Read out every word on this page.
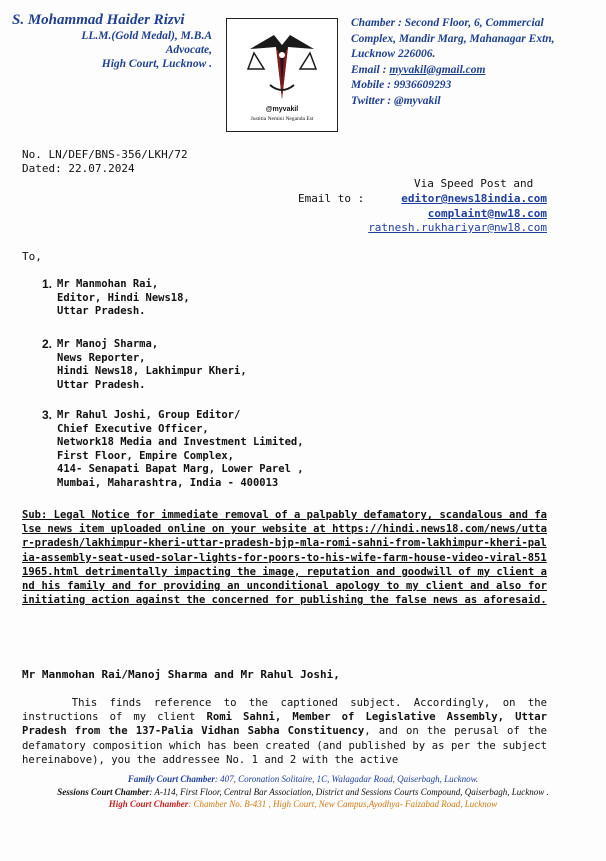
S. Mohammad Haider Rizvi
LL.M.(Gold Medal), M.B.A
Advocate,
High Court, Lucknow .
@myvakil
Justitia Nemini Neganda Est
Chamber : Second Floor, 6, Commercial
Complex, Mandir Marg, Mahanagar Extn,
Lucknow 226006.
Email : myvakil@gmail.com
Mobile : 9936609293
Twitter : @myvakil
No. LN/DEF/BNS-356/LKH/72
Dated: 22.07.2024
Via Speed Post and
Email to :	editor@news18india.com
complaint@nw18.com
ratnesh.rukhariyar@nw18.com
To,
1. Mr Manmohan Rai,
Editor, Hindi News18,
Uttar Pradesh.
2. Mr Manoj Sharma,
News Reporter,
Hindi News18, Lakhimpur Kheri,
Uttar Pradesh.
3. Mr Rahul Joshi, Group Editor/
Chief Executive Officer,
Network18 Media and Investment Limited,
First Floor, Empire Complex,
414- Senapati Bapat Marg, Lower Parel ,
Mumbai, Maharashtra, India - 400013
Sub: Legal Notice for immediate removal of a palpably defamatory, scandalous and false news item uploaded online on your website at https://hindi.news18.com/news/uttar-pradesh/lakhimpur-kheri-uttar-pradesh-bjp-mla-romi-sahni-from-lakhimpur-kheri-palia-assembly-seat-used-solar-lights-for-poors-to-his-wife-farm-house-video-viral-8511965.html detrimentally impacting the image, reputation and goodwill of my client and his family and for providing an unconditional apology to my client and also for initiating action against the concerned for publishing the false news as aforesaid.
Mr Manmohan Rai/Manoj Sharma and Mr Rahul Joshi,
This finds reference to the captioned subject. Accordingly, on the instructions of my client Romi Sahni, Member of Legislative Assembly, Uttar Pradesh from the 137-Palia Vidhan Sabha Constituency, and on the perusal of the defamatory composition which has been created (and published by as per the subject hereinabove), you the addressee No. 1 and 2 with the active
Family Court Chamber: 407, Coronation Solitaire, 1C, Walagadar Road, Qaiserbagh, Lucknow.
Sessions Court Chamber: A-114, First Floor, Central Bar Association, District and Sessions Courts Compound, Qaiserbagh, Lucknow .
High Court Chamber: Chamber No. B-431 , High Court, New Campus,Ayodhya- Faizabad Road, Lucknow
